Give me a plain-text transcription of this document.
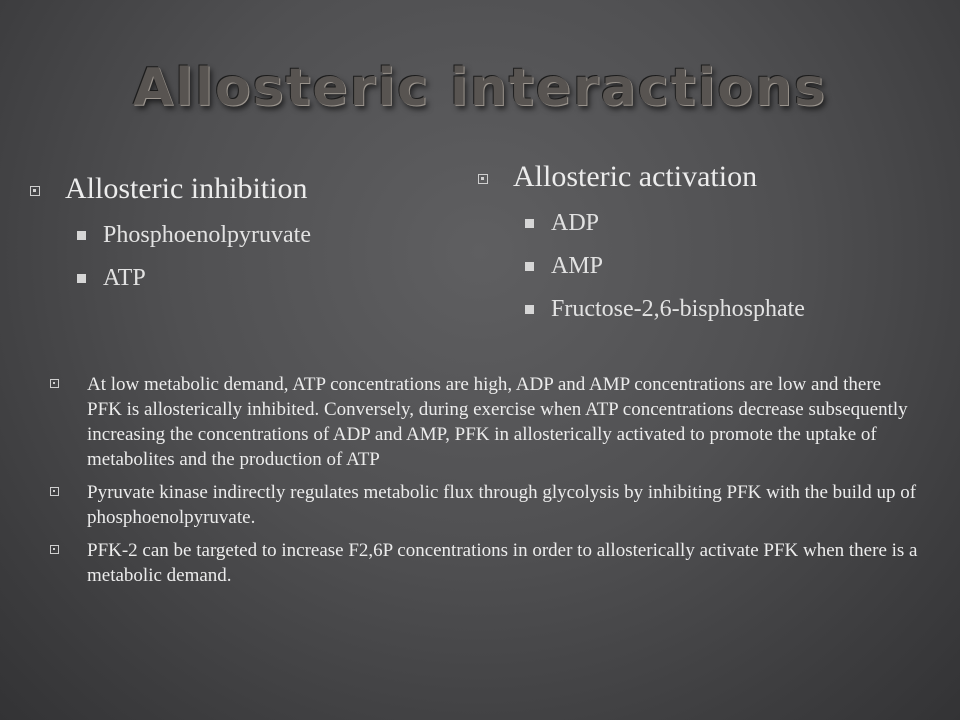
Allosteric interactions
Allosteric inhibition
Phosphoenolpyruvate
ATP
Allosteric activation
ADP
AMP
Fructose-2,6-bisphosphate
At low metabolic demand, ATP concentrations are high, ADP and AMP concentrations are low and there PFK is allosterically inhibited. Conversely, during exercise when ATP concentrations decrease subsequently increasing the concentrations of ADP and AMP, PFK in allosterically activated to promote the uptake of metabolites and the production of ATP
Pyruvate kinase indirectly regulates metabolic flux through glycolysis by inhibiting PFK with the build up of phosphoenolpyruvate.
PFK-2 can be targeted to increase F2,6P concentrations in order to allosterically activate PFK when there is a metabolic demand.
